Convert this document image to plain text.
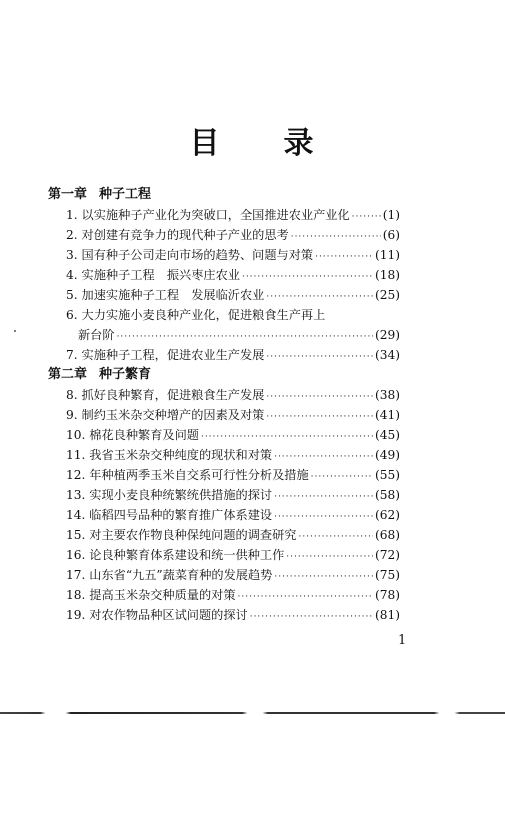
目 录
第一章 种子工程
1. 以实施种子产业化为突破口，全国推进农业产业化 ·····	(1)
2. 对创建有竞争力的现代种子产业的思考 ·····	(6)
3. 国有种子公司走向市场的趋势、问题与对策 ·····	(11)
4. 实施种子工程　振兴枣庄农业 ·····	(18)
5. 加速实施种子工程　发展临沂农业 ·····	(25)
6. 大力实施小麦良种产业化，促进粮食生产再上
新台阶 ·····	(29)
7. 实施种子工程，促进农业生产发展 ·····	(34)
第二章 种子繁育
8. 抓好良种繁育，促进粮食生产发展 ·····	(38)
9. 制约玉米杂交种增产的因素及对策 ·····	(41)
10. 棉花良种繁育及问题 ·····	(45)
11. 我省玉米杂交种纯度的现状和对策 ·····	(49)
12. 年种植两季玉米自交系可行性分析及措施 ·····	(55)
13. 实现小麦良种统繁统供措施的探讨 ·····	(58)
14. 临稻四号品种的繁育推广体系建设 ·····	(62)
15. 对主要农作物良种保纯问题的调查研究 ·····	(68)
16. 论良种繁育体系建设和统一供种工作 ·····	(72)
17. 山东省“九五”蔬菜育种的发展趋势 ·····	(75)
18. 提高玉米杂交种质量的对策 ·····	(78)
19. 对农作物品种区试问题的探讨 ·····	(81)
1
